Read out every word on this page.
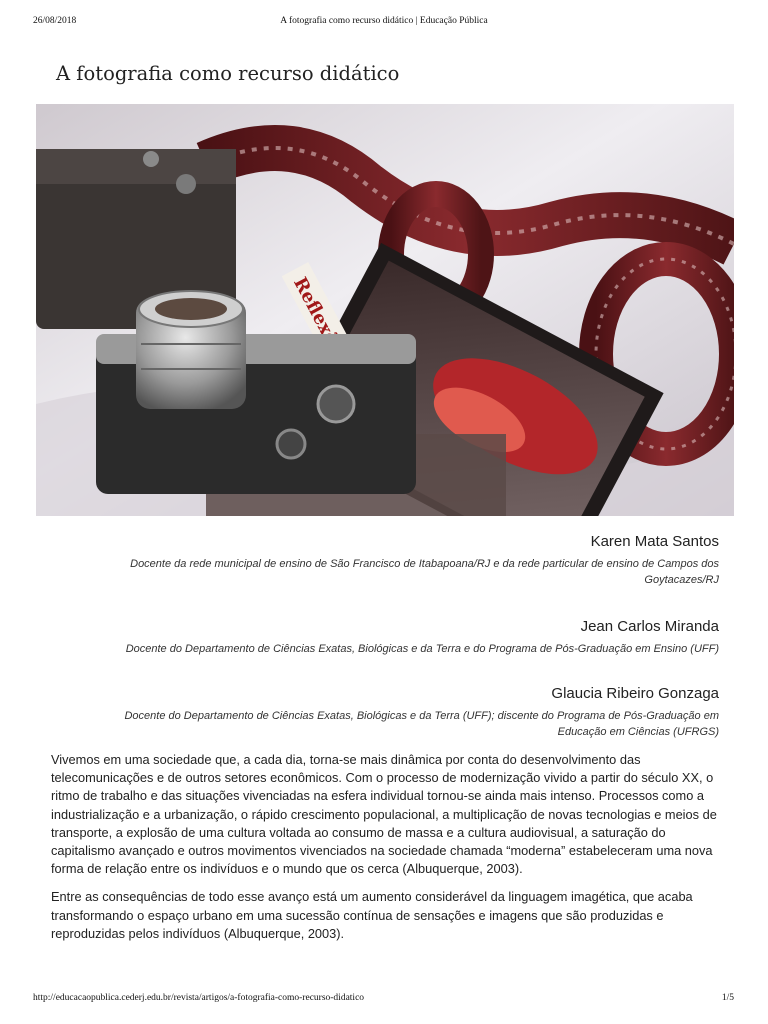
26/08/2018	A fotografia como recurso didático | Educação Pública
A fotografia como recurso didático
Karen Mata Santos
Docente da rede municipal de ensino de São Francisco de Itabapoana/RJ e da rede particular de ensino de Campos dos Goytacazes/RJ
Jean Carlos Miranda
Docente do Departamento de Ciências Exatas, Biológicas e da Terra e do Programa de Pós-Graduação em Ensino (UFF)
Glaucia Ribeiro Gonzaga
Docente do Departamento de Ciências Exatas, Biológicas e da Terra (UFF); discente do Programa de Pós-Graduação em Educação em Ciências (UFRGS)

Vivemos em uma sociedade que, a cada dia, torna-se mais dinâmica por conta do desenvolvimento das telecomunicações e de outros setores econômicos. Com o processo de modernização vivido a partir do século XX, o ritmo de trabalho e das situações vivenciadas na esfera individual tornou-se ainda mais intenso. Processos como a industrialização e a urbanização, o rápido crescimento populacional, a multiplicação de novas tecnologias e meios de transporte, a explosão de uma cultura voltada ao consumo de massa e a cultura audiovisual, a saturação do capitalismo avançado e outros movimentos vivenciados na sociedade chamada “moderna” estabeleceram uma nova forma de relação entre os indivíduos e o mundo que os cerca (Albuquerque, 2003).

Entre as consequências de todo esse avanço está um aumento considerável da linguagem imagética, que acaba transformando o espaço urbano em uma sucessão contínua de sensações e imagens que são produzidas e reproduzidas pelos indivíduos (Albuquerque, 2003).

http://educacaopublica.cederj.edu.br/revista/artigos/a-fotografia-como-recurso-didatico	1/5
